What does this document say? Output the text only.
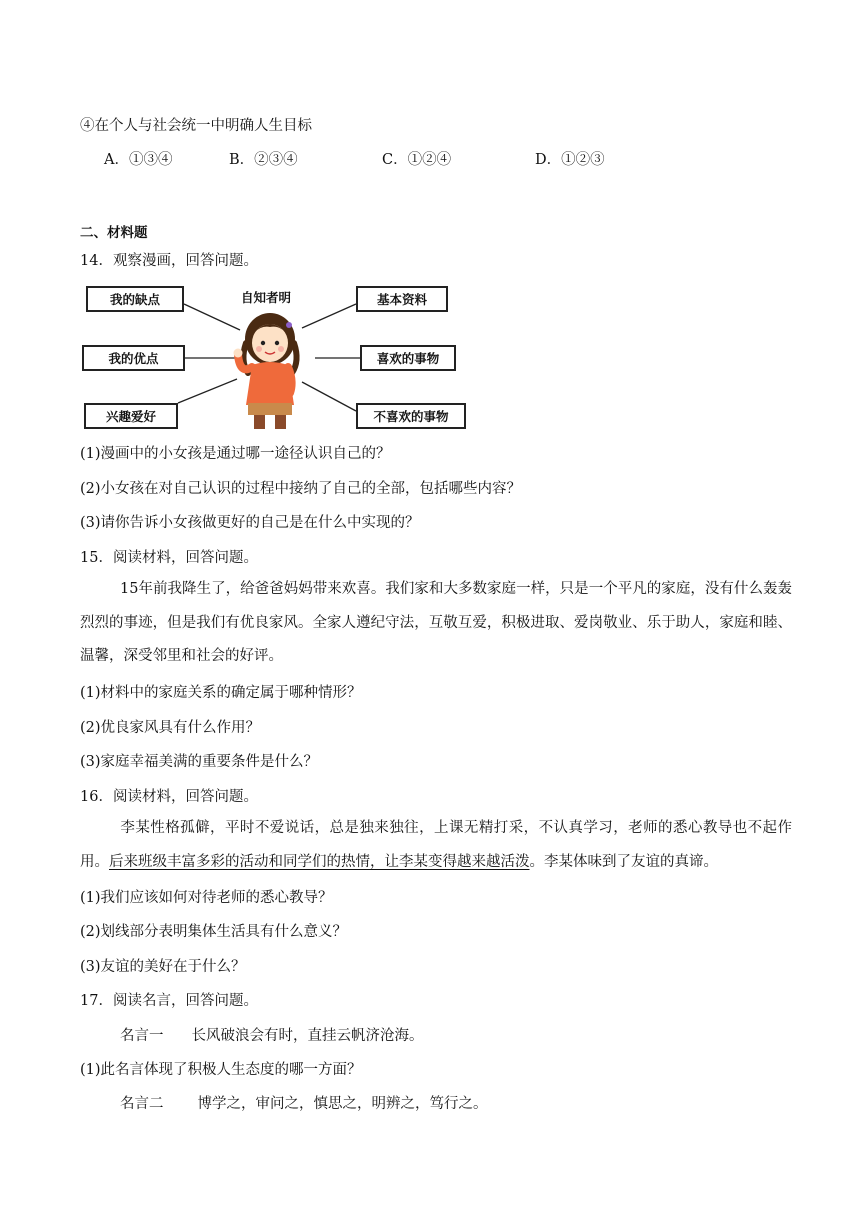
④在个人与社会统一中明确人生目标
A．①③④	B．②③④	C．①②④	D．①②③
二、材料题
14．观察漫画，回答问题。
自知者明
我的缺点
我的优点
兴趣爱好
基本资料
喜欢的事物
不喜欢的事物
(1)漫画中的小女孩是通过哪一途径认识自己的？
(2)小女孩在对自己认识的过程中接纳了自己的全部，包括哪些内容？
(3)请你告诉小女孩做更好的自己是在什么中实现的？
15．阅读材料，回答问题。
15年前我降生了，给爸爸妈妈带来欢喜。我们家和大多数家庭一样，只是一个平凡的家庭，没有什么轰轰烈烈的事迹，但是我们有优良家风。全家人遵纪守法，互敬互爱，积极进取、爱岗敬业、乐于助人，家庭和睦、温馨，深受邻里和社会的好评。
(1)材料中的家庭关系的确定属于哪种情形？
(2)优良家风具有什么作用？
(3)家庭幸福美满的重要条件是什么？
16．阅读材料，回答问题。
李某性格孤僻，平时不爱说话，总是独来独往，上课无精打采，不认真学习，老师的悉心教导也不起作用。后来班级丰富多彩的活动和同学们的热情，让李某变得越来越活泼。李某体味到了友谊的真谛。
(1)我们应该如何对待老师的悉心教导？
(2)划线部分表明集体生活具有什么意义？
(3)友谊的美好在于什么？
17．阅读名言，回答问题。
名言一 长风破浪会有时，直挂云帆济沧海。
(1)此名言体现了积极人生态度的哪一方面？
名言二 博学之，审问之，慎思之，明辨之，笃行之。
